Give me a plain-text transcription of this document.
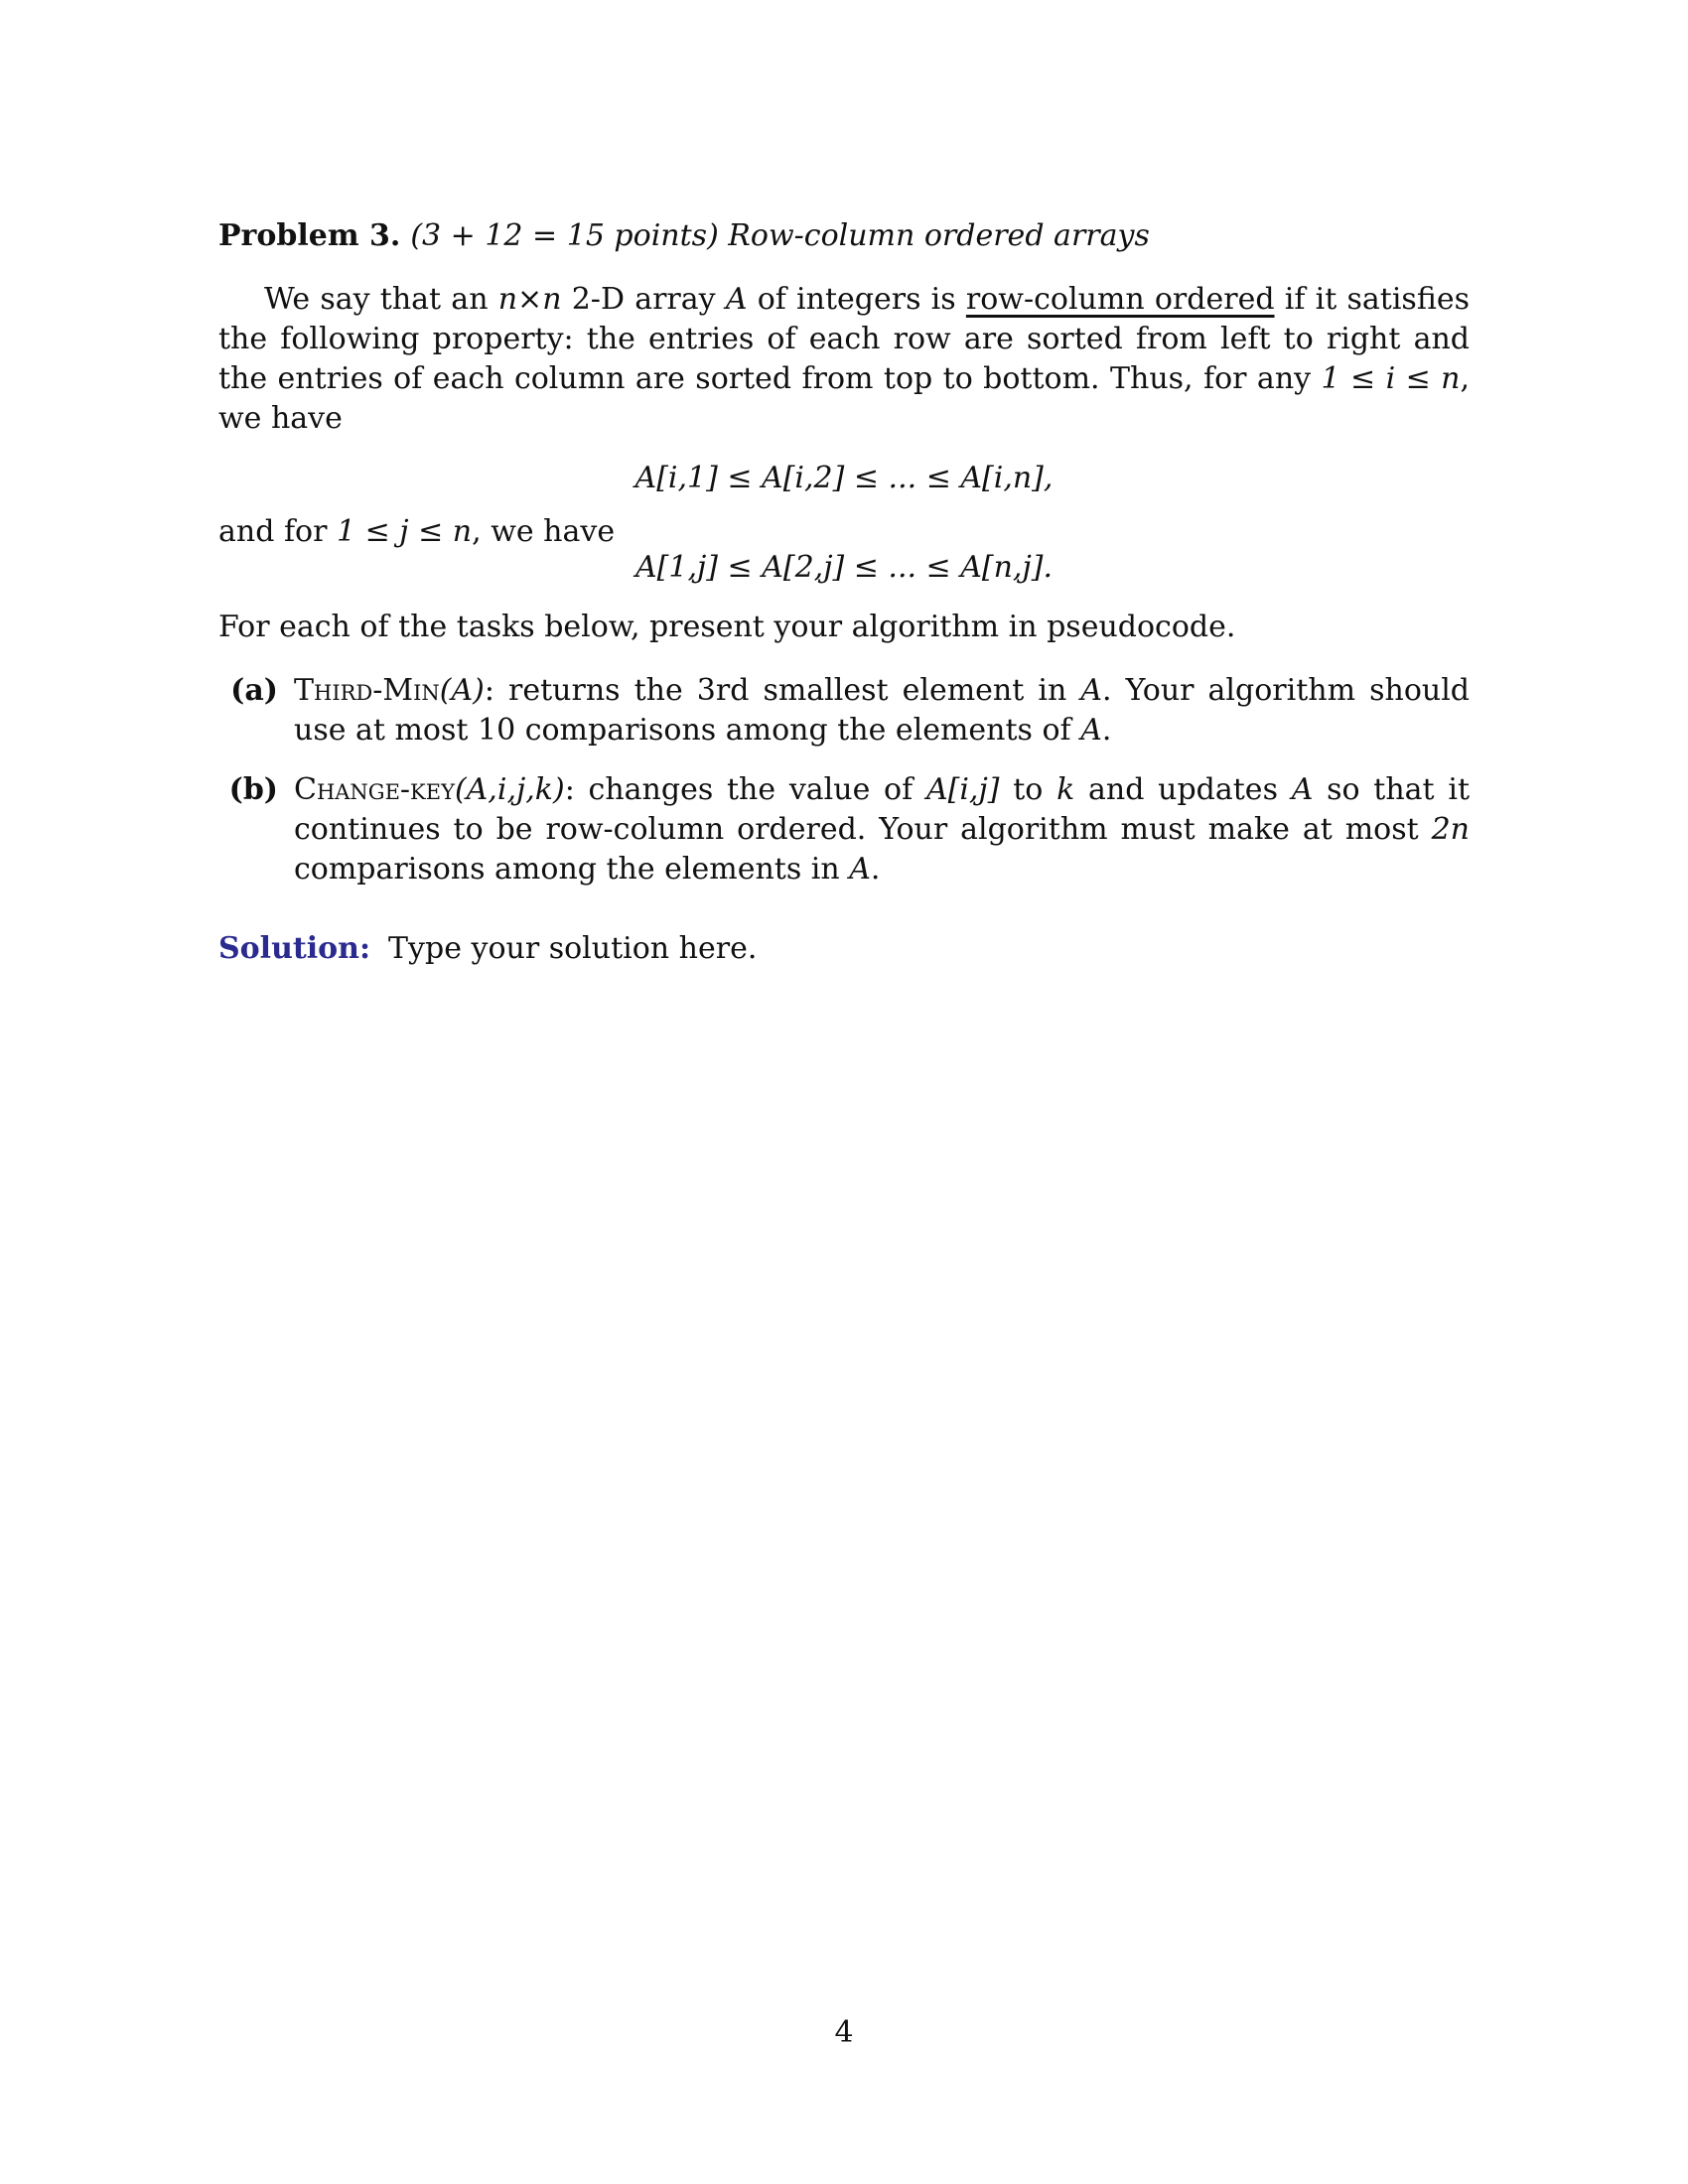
Problem 3. (3 + 12 = 15 points) Row-column ordered arrays

We say that an n×n 2-D array A of integers is row-column ordered if it satisfies the following property: the entries of each row are sorted from left to right and the entries of each column are sorted from top to bottom. Thus, for any 1 ≤ i ≤ n, we have

A[i,1] ≤ A[i,2] ≤ ... ≤ A[i,n],

and for 1 ≤ j ≤ n, we have

A[1,j] ≤ A[2,j] ≤ ... ≤ A[n,j].

For each of the tasks below, present your algorithm in pseudocode.

(a) Third-Min(A): returns the 3rd smallest element in A. Your algorithm should use at most 10 comparisons among the elements of A.
(b) Change-key(A,i,j,k): changes the value of A[i,j] to k and updates A so that it continues to be row-column ordered. Your algorithm must make at most 2n comparisons among the elements in A.

Solution: Type your solution here.

4
